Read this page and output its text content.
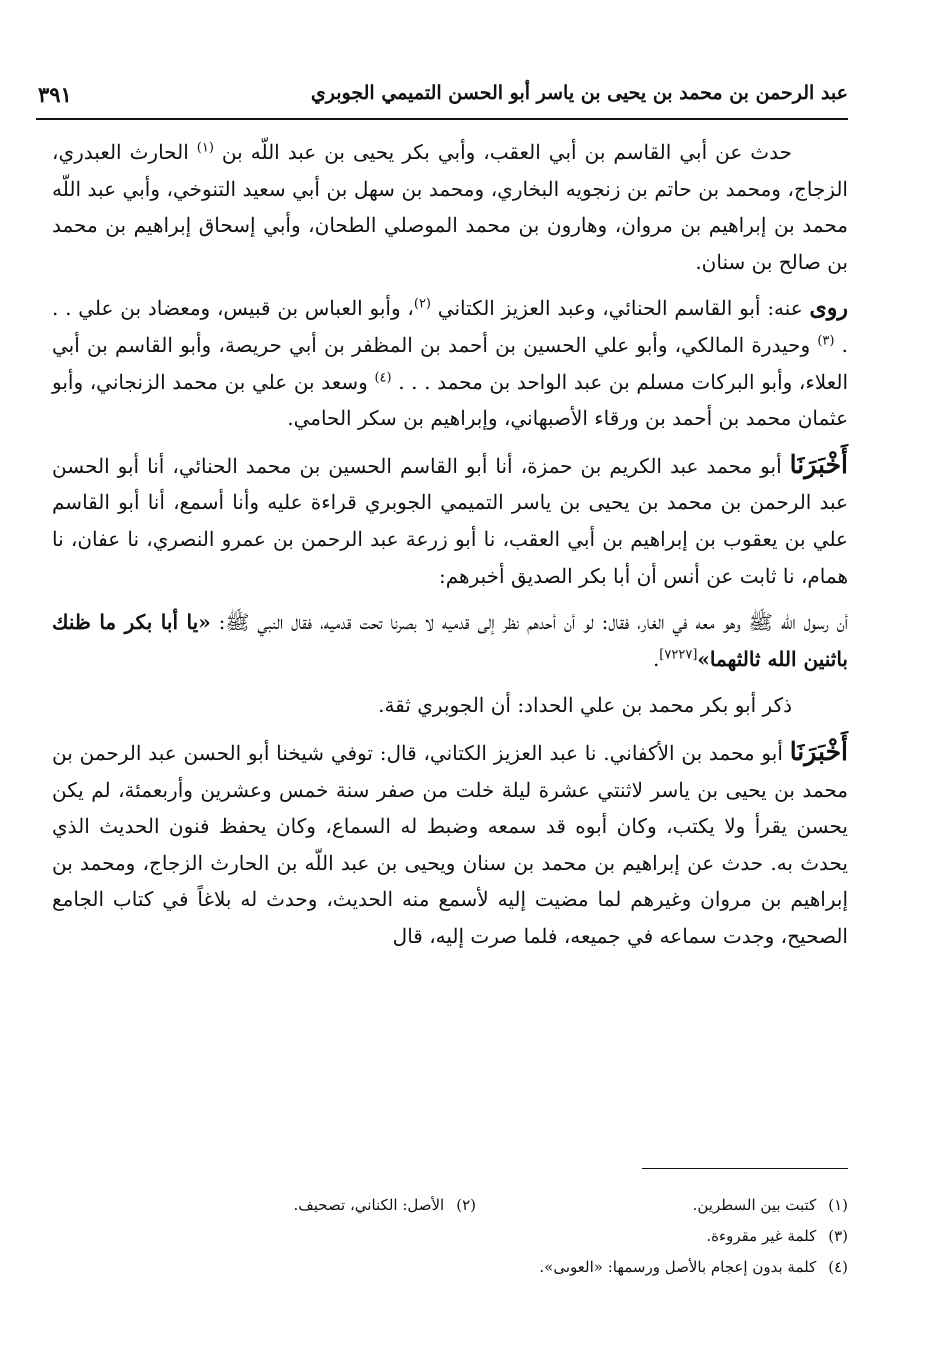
عبد الرحمن بن محمد بن يحيى بن ياسر أبو الحسن التميمي الجوبري
٣٩١

حدث عن أبي القاسم بن أبي العقب، وأبي بكر يحيى بن عبد اللّه بن $^{(١)}$ الحارث العبدري، الزجاج، ومحمد بن حاتم بن زنجويه البخاري، ومحمد بن سهل بن أبي سعيد التنوخي، وأبي عبد اللّه محمد بن إبراهيم بن مروان، وهارون بن محمد الموصلي الطحان، وأبي إسحاق إبراهيم بن محمد بن صالح بن سنان.

روى عنه: أبو القاسم الحنائي، وعبد العزيز الكتاني $^{(٢)}$، وأبو العباس بن قبيس، ومعضاد بن علي . . . $^{(٣)}$ وحيدرة المالكي، وأبو علي الحسين بن أحمد بن المظفر بن أبي حريصة، وأبو القاسم بن أبي العلاء، وأبو البركات مسلم بن عبد الواحد بن محمد . . . $^{(٤)}$ وسعد بن علي بن محمد الزنجاني، وأبو عثمان محمد بن أحمد بن ورقاء الأصبهاني، وإبراهيم بن سكر الحامي.

أَخْبَرَنَا أبو محمد عبد الكريم بن حمزة، أنا أبو القاسم الحسين بن محمد الحنائي، أنا أبو الحسن عبد الرحمن بن محمد بن يحيى بن ياسر التميمي الجوبري قراءة عليه وأنا أسمع، أنا أبو القاسم علي بن يعقوب بن إبراهيم بن أبي العقب، نا أبو زرعة عبد الرحمن بن عمرو النصري، نا عفان، نا همام، نا ثابت عن أنس أن أبا بكر الصديق أخبرهم:

أن رسول اللّه ﷺ وهو معه في الغار، فقال: لو أن أحدهم نظر إلى قدميه لا بصرنا تحت قدميه، فقال النبي ﷺ: «يا أبا بكر ما ظنك باثنين الله ثالثهما»[٧٢٢٧].

ذكر أبو بكر محمد بن علي الحداد: أن الجوبري ثقة.

أَخْبَرَنَا أبو محمد بن الأكفاني. نا عبد العزيز الكتاني، قال: توفي شيخنا أبو الحسن عبد الرحمن بن محمد بن يحيى بن ياسر لاثنتي عشرة ليلة خلت من صفر سنة خمس وعشرين وأربعمئة، لم يكن يحسن يقرأ ولا يكتب، وكان أبوه قد سمعه وضبط له السماع، وكان يحفظ فنون الحديث الذي يحدث به. حدث عن إبراهيم بن محمد بن سنان ويحيى بن عبد اللّه بن الحارث الزجاج، ومحمد بن إبراهيم بن مروان وغيرهم لما مضيت إليه لأسمع منه الحديث، وحدث له بلاغاً في كتاب الجامع الصحيح، وجدت سماعه في جميعه، فلما صرت إليه، قال

(١)كتبت بين السطرين.
(٢)الأصل: الكناني، تصحيف.
(٣)كلمة غير مقروءة.
(٤)كلمة بدون إعجام بالأصل ورسمها: «العوىى».
